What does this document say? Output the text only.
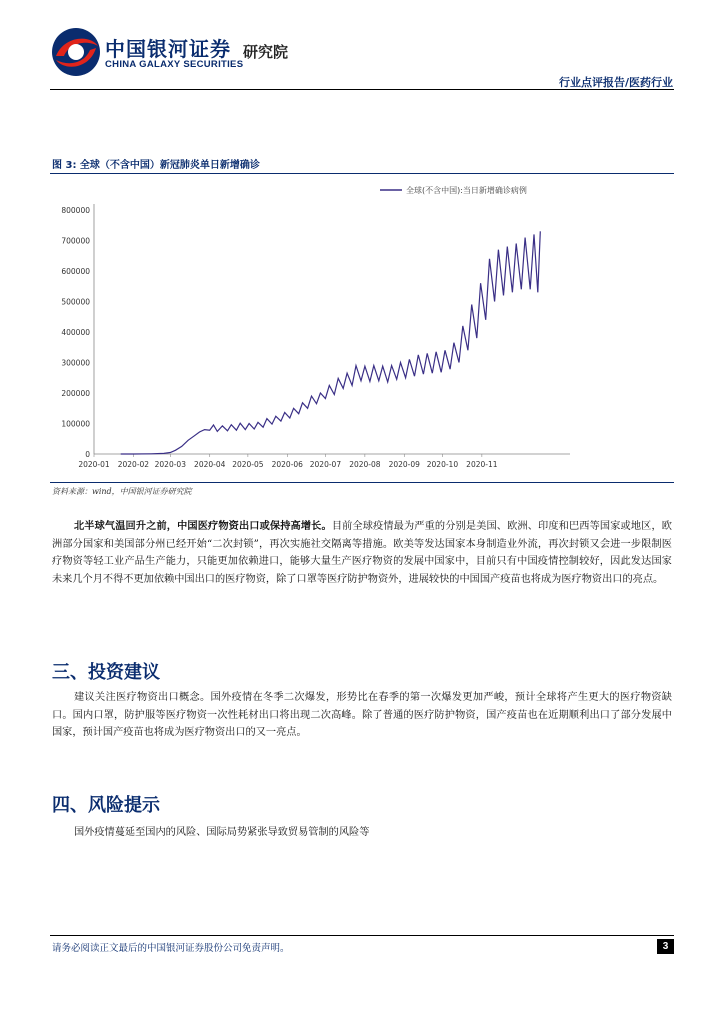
中国银河证券
CHINA GALAXY SECURITIES
研究院
行业点评报告/医药行业
图 3: 全球（不含中国）新冠肺炎单日新增确诊
全球(不含中国):当日新增确诊病例
0
100000
200000
300000
400000
500000
600000
700000
800000
2020-01 2020-02 2020-03 2020-04 2020-05 2020-06 2020-07 2020-08 2020-09 2020-10 2020-11
资料来源：wind，中国银河证券研究院
北半球气温回升之前，中国医疗物资出口或保持高增长。目前全球疫情最为严重的分别是美国、欧洲、印度和巴西等国家或地区，欧洲部分国家和美国部分州已经开始“二次封锁”，再次实施社交隔离等措施。欧美等发达国家本身制造业外流，再次封锁又会进一步限制医疗物资等轻工业产品生产能力，只能更加依赖进口，能够大量生产医疗物资的发展中国家中，目前只有中国疫情控制较好，因此发达国家未来几个月不得不更加依赖中国出口的医疗物资，除了口罩等医疗防护物资外，进展较快的中国国产疫苗也将成为医疗物资出口的亮点。
三、投资建议
建议关注医疗物资出口概念。国外疫情在冬季二次爆发，形势比在春季的第一次爆发更加严峻，预计全球将产生更大的医疗物资缺口。国内口罩，防护服等医疗物资一次性耗材出口将出现二次高峰。除了普通的医疗防护物资，国产疫苗也在近期顺利出口了部分发展中国家，预计国产疫苗也将成为医疗物资出口的又一亮点。
四、风险提示
国外疫情蔓延至国内的风险、国际局势紧张导致贸易管制的风险等
请务必阅读正文最后的中国银河证券股份公司免责声明。	3
